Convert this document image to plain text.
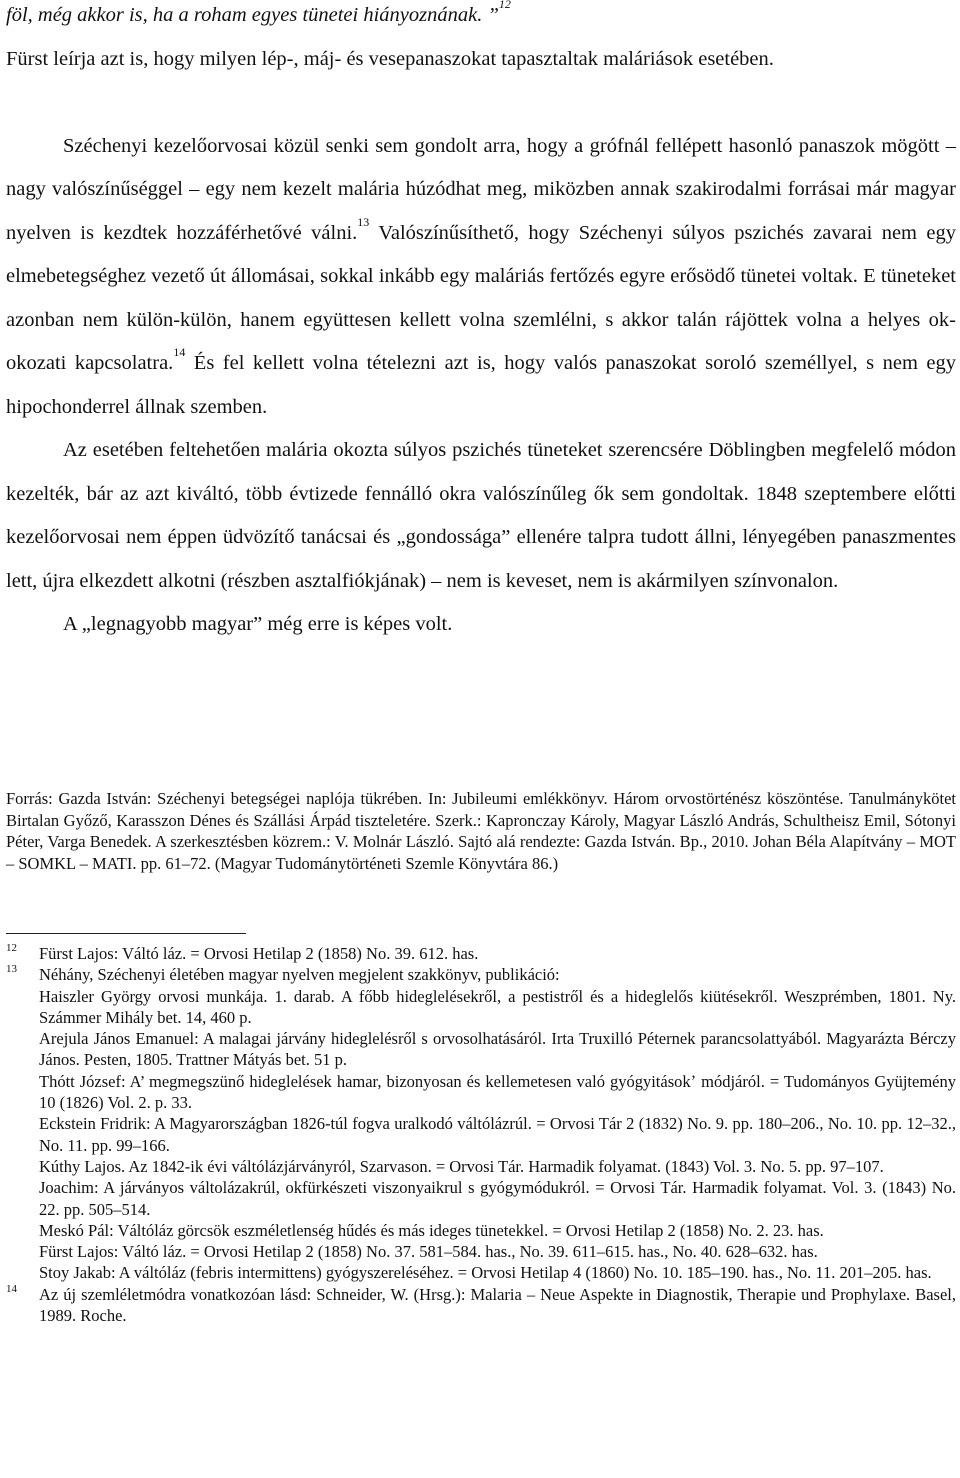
föl, még akkor is, ha a roham egyes tünetei hiányoznának. ”$^{12}$

Fürst leírja azt is, hogy milyen lép-, máj- és vesepanaszokat tapasztaltak maláriások esetében.

Széchenyi kezelőorvosai közül senki sem gondolt arra, hogy a grófnál fellépett hasonló panaszok mögött – nagy valószínűséggel – egy nem kezelt malária húzódhat meg, miközben annak szakirodalmi forrásai már magyar nyelven is kezdtek hozzáférhetővé válni.$^{13}$ Valószínűsíthető, hogy Széchenyi súlyos pszichés zavarai nem egy elmebetegséghez vezető út állomásai, sokkal inkább egy maláriás fertőzés egyre erősödő tünetei voltak. E tüneteket azonban nem külön-külön, hanem együttesen kellett volna szemlélni, s akkor talán rájöttek volna a helyes ok-okozati kapcsolatra.$^{14}$ És fel kellett volna tételezni azt is, hogy valós panaszokat soroló személlyel, s nem egy hipochonderrel állnak szemben.

Az esetében feltehetően malária okozta súlyos pszichés tüneteket szerencsére Döblingben megfelelő módon kezelték, bár az azt kiváltó, több évtizede fennálló okra valószínűleg ők sem gondoltak. 1848 szeptembere előtti kezelőorvosai nem éppen üdvözítő tanácsai és „gondossága” ellenére talpra tudott állni, lényegében panaszmentes lett, újra elkezdett alkotni (részben asztalfiókjának) – nem is keveset, nem is akármilyen színvonalon.

A „legnagyobb magyar” még erre is képes volt.

Forrás: Gazda István: Széchenyi betegségei naplója tükrében. In: Jubileumi emlékkönyv. Három orvostörténész köszöntése. Tanulmánykötet Birtalan Győző, Karasszon Dénes és Szállási Árpád tiszteletére. Szerk.: Kapronczay Károly, Magyar László András, Schultheisz Emil, Sótonyi Péter, Varga Benedek. A szerkesztésben közrem.: V. Molnár László. Sajtó alá rendezte: Gazda István. Bp., 2010. Johan Béla Alapítvány – MOT – SOMKL – MATI. pp. 61–72. (Magyar Tudománytörténeti Szemle Könyvtára 86.)
12 Fürst Lajos: Váltó láz. = Orvosi Hetilap 2 (1858) No. 39. 612. has.

13 Néhány, Széchenyi életében magyar nyelven megjelent szakkönyv, publikáció:

Haiszler György orvosi munkája. 1. darab. A főbb hideglelésekről, a pestistről és a hideglelős kiütésekről. Weszprémben, 1801. Ny. Számmer Mihály bet. 14, 460 p.

Arejula János Emanuel: A malagai járvány hideglelésről s orvosolhatásáról. Irta Truxilló Péternek parancsolattyából. Magyarázta Bérczy János. Pesten, 1805. Trattner Mátyás bet. 51 p.

Thótt József: A’ megmegszünő hideglelések hamar, bizonyosan és kellemetesen való gyógyitásokʼ módjáról. = Tudományos Gyüjtemény 10 (1826) Vol. 2. p. 33.

Eckstein Fridrik: A Magyarországban 1826-túl fogva uralkodó váltólázrúl. = Orvosi Tár 2 (1832) No. 9. pp. 180–206., No. 10. pp. 12–32., No. 11. pp. 99–166.

Kúthy Lajos. Az 1842-ik évi váltólázjárványról, Szarvason. = Orvosi Tár. Harmadik folyamat. (1843) Vol. 3. No. 5. pp. 97–107.

Joachim: A járványos váltolázakrúl, okfürkészeti viszonyaikrul s gyógymódukról. = Orvosi Tár. Harmadik folyamat. Vol. 3. (1843) No. 22. pp. 505–514.

Meskó Pál: Váltóláz görcsök eszméletlenség hűdés és más ideges tünetekkel. = Orvosi Hetilap 2 (1858) No. 2. 23. has.

Fürst Lajos: Váltó láz. = Orvosi Hetilap 2 (1858) No. 37. 581–584. has., No. 39. 611–615. has., No. 40. 628–632. has.

Stoy Jakab: A váltóláz (febris intermittens) gyógyszereléséhez. = Orvosi Hetilap 4 (1860) No. 10. 185–190. has., No. 11. 201–205. has.

14 Az új szemléletmódra vonatkozóan lásd: Schneider, W. (Hrsg.): Malaria – Neue Aspekte in Diagnostik, Therapie und Prophylaxe. Basel, 1989. Roche.
